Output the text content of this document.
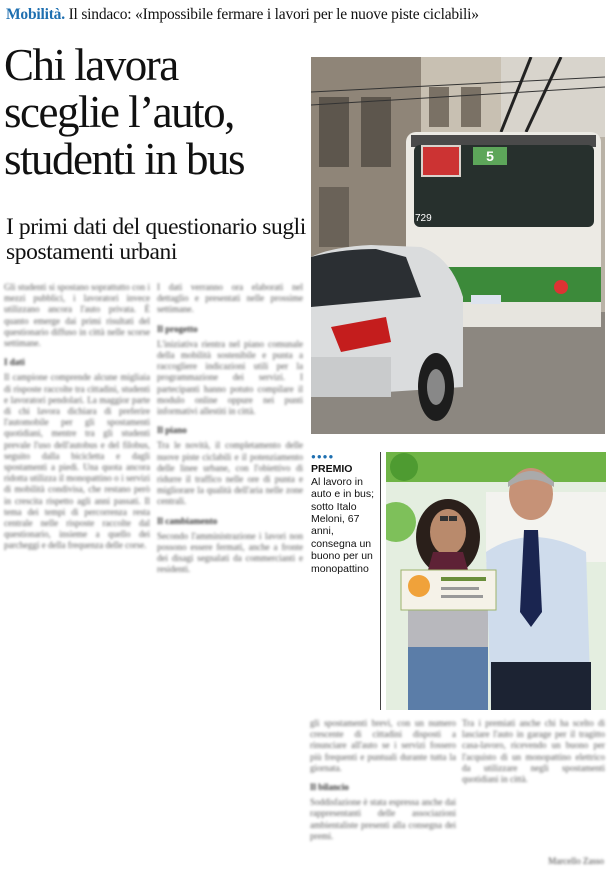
Mobilità. Il sindaco: «Impossibile fermare i lavori per le nuove piste ciclabili»
Chi lavora
sceglie l’auto,
studenti in bus
I primi dati del questionario sugli spostamenti urbani
5
729
●●●●
PREMIO
Al lavoro in auto e in bus; sotto Italo Meloni, 67 anni, consegna un buono per un monopattino
Gli studenti si spostano soprattutto con i mezzi pubblici, i lavoratori invece utilizzano ancora l'auto privata. È quanto emerge dai primi risultati del questionario diffuso in città nelle scorse settimane.
I dati
Il campione comprende alcune migliaia di risposte raccolte tra cittadini, studenti e lavoratori pendolari. La maggior parte di chi lavora dichiara di preferire l'automobile per gli spostamenti quotidiani, mentre tra gli studenti prevale l'uso dell'autobus e del filobus, seguito dalla bicicletta e dagli spostamenti a piedi. Una quota ancora ridotta utilizza il monopattino o i servizi di mobilità condivisa, che restano però in crescita rispetto agli anni passati. Il tema dei tempi di percorrenza resta centrale nelle risposte raccolte dal questionario, insieme a quello dei parcheggi e della frequenza delle corse.
I dati verranno ora elaborati nel dettaglio e presentati nelle prossime settimane.
Il progetto
L'iniziativa rientra nel piano comunale della mobilità sostenibile e punta a raccogliere indicazioni utili per la programmazione dei servizi. I partecipanti hanno potuto compilare il modulo online oppure nei punti informativi allestiti in città.
Il piano
Tra le novità, il completamento delle nuove piste ciclabili e il potenziamento delle linee urbane, con l'obiettivo di ridurre il traffico nelle ore di punta e migliorare la qualità dell'aria nelle zone centrali.
Il cambiamento
Secondo l'amministrazione i lavori non possono essere fermati, anche a fronte dei disagi segnalati da commercianti e residenti.
gli spostamenti brevi, con un numero crescente di cittadini disposti a rinunciare all'auto se i servizi fossero più frequenti e puntuali durante tutta la giornata.
Il bilancio
Soddisfazione è stata espressa anche dai rappresentanti delle associazioni ambientaliste presenti alla consegna dei premi.
Tra i premiati anche chi ha scelto di lasciare l'auto in garage per il tragitto casa-lavoro, ricevendo un buono per l'acquisto di un monopattino elettrico da utilizzare negli spostamenti quotidiani in città.
Marcello Zasso
